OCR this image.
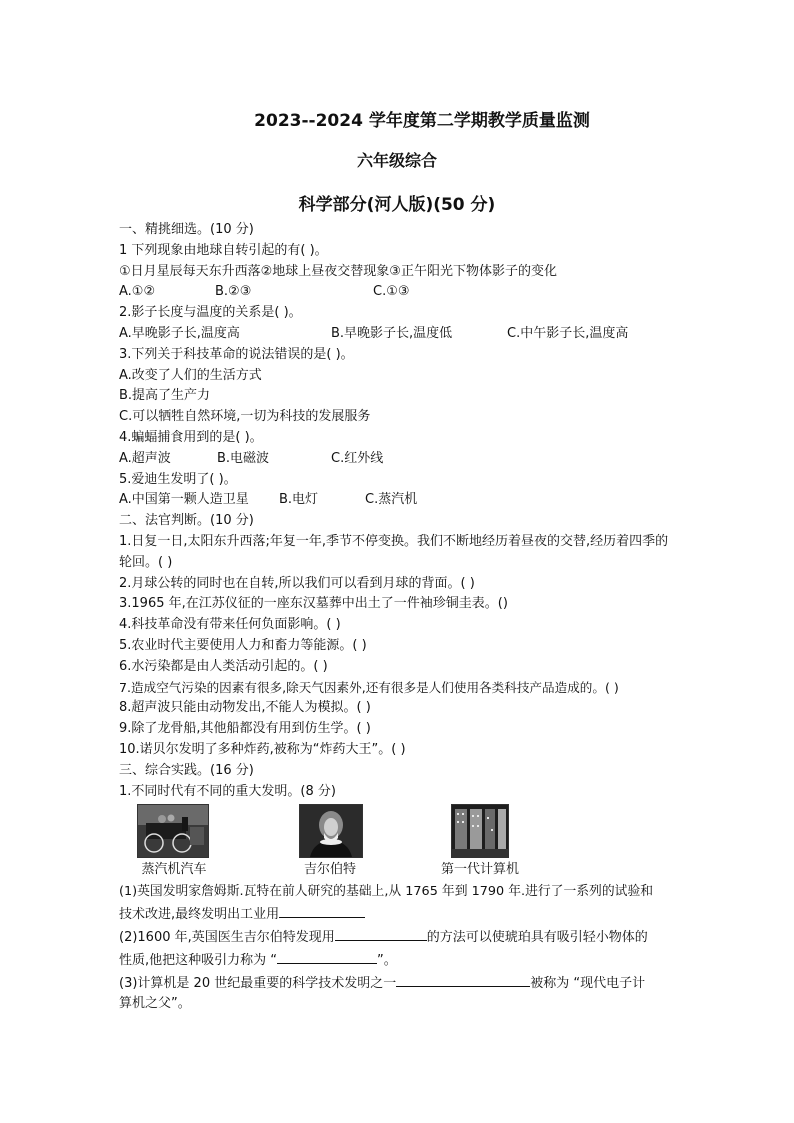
2023--2024 学年度第二学期教学质量监测
六年级综合
科学部分(河人版)(50 分)
一、精挑细选。(10 分)
1 下列现象由地球自转引起的有( )。
①日月星辰每天东升西落②地球上昼夜交替现象③正午阳光下物体影子的变化
A.①②	B.②③	C.①③
2.影子长度与温度的关系是( )。
A.早晚影子长,温度高	B.早晚影子长,温度低	C.中午影子长,温度高
3.下列关于科技革命的说法错误的是( )。
A.改变了人们的生活方式
B.提高了生产力
C.可以牺牲自然环境,一切为科技的发展服务
4.蝙蝠捕食用到的是( )。
A.超声波	B.电磁波	C.红外线
5.爱迪生发明了( )。
A.中国第一颗人造卫星 B.电灯	C.蒸汽机
二、法官判断。(10 分)
1.日复一日,太阳东升西落;年复一年,季节不停变换。我们不断地经历着昼夜的交替,经历着四季的轮回。( )
2.月球公转的同时也在自转,所以我们可以看到月球的背面。( )
3.1965 年,在江苏仪征的一座东汉墓葬中出土了一件袖珍铜圭表。()
4.科技革命没有带来任何负面影响。( )
5.农业时代主要使用人力和畜力等能源。( )
6.水污染都是由人类活动引起的。( )
7.造成空气污染的因素有很多,除天气因素外,还有很多是人们使用各类科技产品造成的。( )
8.超声波只能由动物发出,不能人为模拟。( )
9.除了龙骨船,其他船都没有用到仿生学。( )
10.诺贝尔发明了多种炸药,被称为“炸药大王”。( )
三、综合实践。(16 分)
1.不同时代有不同的重大发明。(8 分)
蒸汽机汽车	吉尔伯特	第一代计算机
(1)英国发明家詹姆斯.瓦特在前人研究的基础上,从 1765 年到 1790 年.进行了一系列的试验和
技术改进,最终发明出工业用
(2)1600 年,英国医生吉尔伯特发现用	的方法可以使琥珀具有吸引轻小物体的
性质,他把这种吸引力称为 “	”。
(3)计算机是 20 世纪最重要的科学技术发明之一	被称为 “现代电子计
算机之父”。
